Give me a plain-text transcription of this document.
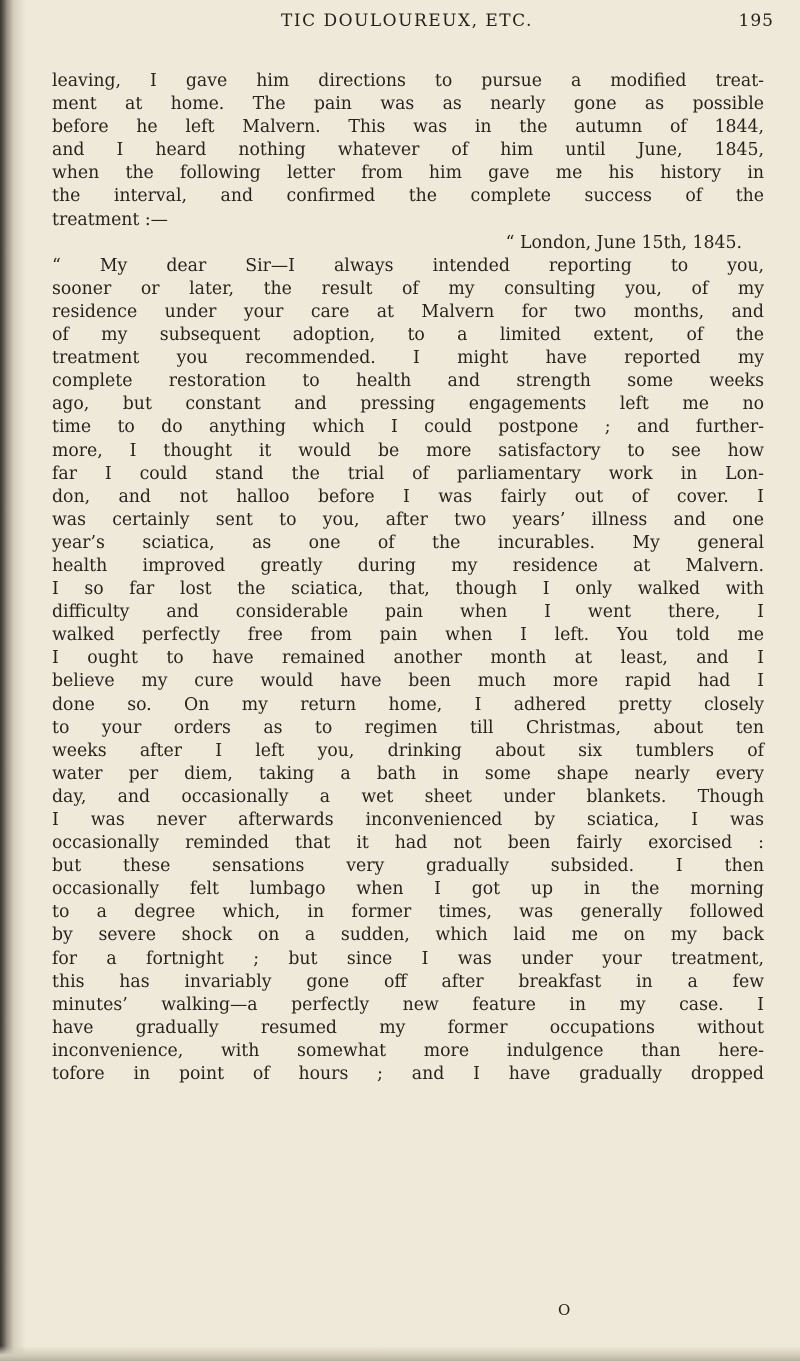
TIC DOULOUREUX, ETC.	195
leaving, I gave him directions to pursue a modified treat-
ment at home. The pain was as nearly gone as possible
before he left Malvern. This was in the autumn of 1844,
and I heard nothing whatever of him until June, 1845,
when the following letter from him gave me his history in
the interval, and confirmed the complete success of the
treatment :—
“ London, June 15th, 1845.
“ My dear Sir—I always intended reporting to you,
sooner or later, the result of my consulting you, of my
residence under your care at Malvern for two months, and
of my subsequent adoption, to a limited extent, of the
treatment you recommended. I might have reported my
complete restoration to health and strength some weeks
ago, but constant and pressing engagements left me no
time to do anything which I could postpone ; and further-
more, I thought it would be more satisfactory to see how
far I could stand the trial of parliamentary work in Lon-
don, and not halloo before I was fairly out of cover. I
was certainly sent to you, after two years’ illness and one
year’s sciatica, as one of the incurables. My general
health improved greatly during my residence at Malvern.
I so far lost the sciatica, that, though I only walked with
difficulty and considerable pain when I went there, I
walked perfectly free from pain when I left. You told me
I ought to have remained another month at least, and I
believe my cure would have been much more rapid had I
done so. On my return home, I adhered pretty closely
to your orders as to regimen till Christmas, about ten
weeks after I left you, drinking about six tumblers of
water per diem, taking a bath in some shape nearly every
day, and occasionally a wet sheet under blankets. Though
I was never afterwards inconvenienced by sciatica, I was
occasionally reminded that it had not been fairly exorcised :
but these sensations very gradually subsided. I then
occasionally felt lumbago when I got up in the morning
to a degree which, in former times, was generally followed
by severe shock on a sudden, which laid me on my back
for a fortnight ; but since I was under your treatment,
this has invariably gone off after breakfast in a few
minutes’ walking—a perfectly new feature in my case. I
have gradually resumed my former occupations without
inconvenience, with somewhat more indulgence than here-
tofore in point of hours ; and I have gradually dropped
O
